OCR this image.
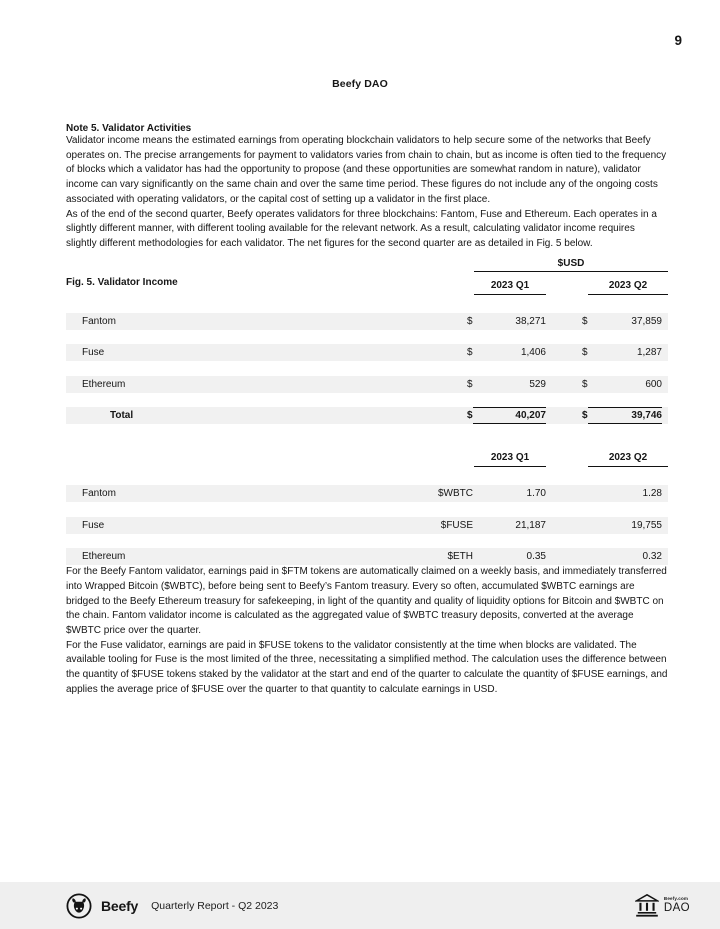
9
Beefy DAO
Note 5. Validator Activities

Validator income means the estimated earnings from operating blockchain validators to help secure some of the networks that Beefy operates on. The precise arrangements for payment to validators varies from chain to chain, but as income is often tied to the frequency of blocks which a validator has had the opportunity to propose (and these opportunities are somewhat random in nature), validator income can vary significantly on the same chain and over the same time period. These figures do not include any of the ongoing costs associated with operating validators, or the capital cost of setting up a validator in the first place.

As of the end of the second quarter, Beefy operates validators for three blockchains: Fantom, Fuse and Ethereum. Each operates in a slightly different manner, with different tooling available for the relevant network. As a result, calculating validator income requires slightly different methodologies for each validator. The net figures for the second quarter are as detailed in Fig. 5 below.

Fig. 5. Validator Income
$USD
2023 Q1	2023 Q2
Fantom	$	38,271	$	37,859
Fuse	$	1,406	$	1,287
Ethereum	$	529	$	600
Total	$	40,207	$	39,746
2023 Q1	2023 Q2
Fantom	$WBTC	1.70	1.28
Fuse	$FUSE	21,187	19,755
Ethereum	$ETH	0.35	0.32

For the Beefy Fantom validator, earnings paid in $FTM tokens are automatically claimed on a weekly basis, and immediately transferred into Wrapped Bitcoin ($WBTC), before being sent to Beefy’s Fantom treasury. Every so often, accumulated $WBTC earnings are bridged to the Beefy Ethereum treasury for safekeeping, in light of the quantity and quality of liquidity options for Bitcoin and $WBTC on the chain. Fantom validator income is calculated as the aggregated value of $WBTC treasury deposits, converted at the average $WBTC price over the quarter.

For the Fuse validator, earnings are paid in $FUSE tokens to the validator consistently at the time when blocks are validated. The available tooling for Fuse is the most limited of the three, necessitating a simplified method. The calculation uses the difference between the quantity of $FUSE tokens staked by the validator at the start and end of the quarter to calculate the quantity of $FUSE earnings, and applies the average price of $FUSE over the quarter to that quantity to calculate earnings in USD.

Beefy Quarterly Report - Q2 2023
Beefy.com
DAO
